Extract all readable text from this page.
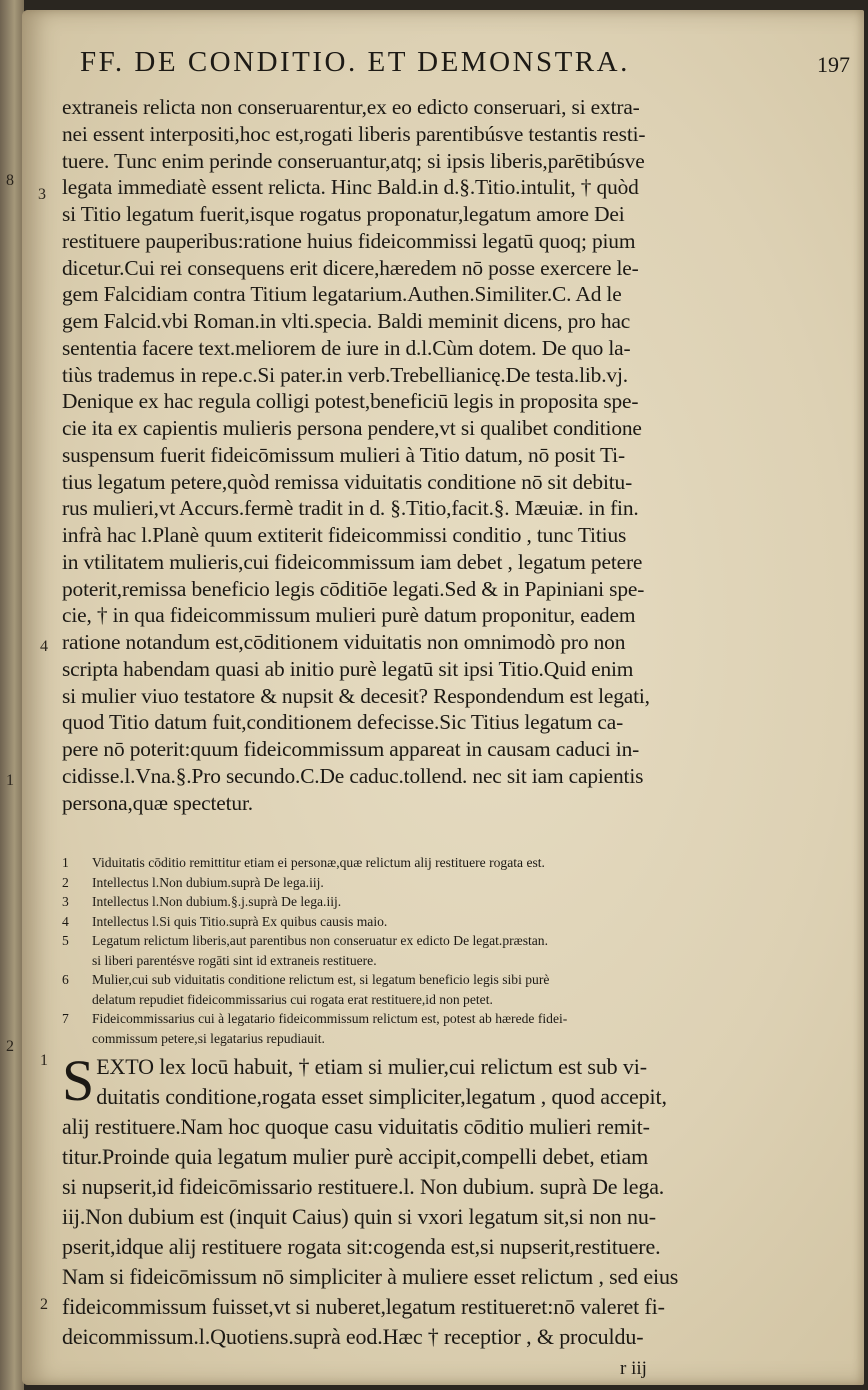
FF. DE CONDITIO. ET DEMONSTRA.	197
8
3
4
1
2
1
2
extraneis relicta non conseruarentur,ex eo edicto conseruari, si extra-
nei essent interpositi,hoc est,rogati liberis parentibúsve testantis resti-
tuere. Tunc enim perinde conseruantur,atq; si ipsis liberis,parētibúsve
legata immediatè essent relicta. Hinc Bald.in d.§.Titio.intulit, † quòd
si Titio legatum fuerit,isque rogatus proponatur,legatum amore Dei
restituere pauperibus:ratione huius fideicommissi legatū quoq; pium
dicetur.Cui rei consequens erit dicere,hæredem nō posse exercere le-
gem Falcidiam contra Titium legatarium.Authen.Similiter.C. Ad le
gem Falcid.vbi Roman.in vlti.specia. Baldi meminit dicens, pro hac
sententia facere text.meliorem de iure in d.l.Cùm dotem. De quo la-
tiùs trademus in repe.c.Si pater.in verb.Trebellianicę.De testa.lib.vj.
Denique ex hac regula colligi potest,beneficiū legis in proposita spe-
cie ita ex capientis mulieris persona pendere,vt si qualibet conditione
suspensum fuerit fideicōmissum mulieri à Titio datum, nō posit Ti-
tius legatum petere,quòd remissa viduitatis conditione nō sit debitu-
rus mulieri,vt Accurs.fermè tradit in d. §.Titio,facit.§. Mæuiæ. in fin.
infrà hac l.Planè quum extiterit fideicommissi conditio , tunc Titius
in vtilitatem mulieris,cui fideicommissum iam debet , legatum petere
poterit,remissa beneficio legis cōditiōe legati.Sed & in Papiniani spe-
cie, † in qua fideicommissum mulieri purè datum proponitur, eadem
ratione notandum est,cōditionem viduitatis non omnimodò pro non
scripta habendam quasi ab initio purè legatū sit ipsi Titio.Quid enim
si mulier viuo testatore & nupsit & decesit? Respondendum est legati,
quod Titio datum fuit,conditionem defecisse.Sic Titius legatum ca-
pere nō poterit:quum fideicommissum appareat in causam caduci in-
cidisse.l.Vna.§.Pro secundo.C.De caduc.tollend. nec sit iam capientis
persona,quæ spectetur.
1 Viduitatis cōditio remittitur etiam ei personæ,quæ relictum alij restituere rogata est.
2 Intellectus l.Non dubium.suprà De lega.iij.
3 Intellectus l.Non dubium.§.j.suprà De lega.iij.
4 Intellectus l.Si quis Titio.suprà Ex quibus causis maio.
5 Legatum relictum liberis,aut parentibus non conseruatur ex edicto De legat.præstan.
si liberi parentésve rogāti sint id extraneis restituere.
6 Mulier,cui sub viduitatis conditione relictum est, si legatum beneficio legis sibi purè
delatum repudiet fideicommissarius cui rogata erat restituere,id non petet.
7 Fideicommissarius cui à legatario fideicommissum relictum est, potest ab hærede fidei-
commissum petere,si legatarius repudiauit.
S EXTO lex locū habuit, † etiam si mulier,cui relictum est sub vi-
duitatis conditione,rogata esset simpliciter,legatum , quod accepit,
alij restituere.Nam hoc quoque casu viduitatis cōditio mulieri remit-
titur.Proinde quia legatum mulier purè accipit,compelli debet, etiam
si nupserit,id fideicōmissario restituere.l. Non dubium. suprà De lega.
iij.Non dubium est (inquit Caius) quin si vxori legatum sit,si non nu-
pserit,idque alij restituere rogata sit:cogenda est,si nupserit,restituere.
Nam si fideicōmissum nō simpliciter à muliere esset relictum , sed eius
fideicommissum fuisset,vt si nuberet,legatum restitueret:nō valeret fi-
deicommissum.l.Quotiens.suprà eod.Hæc † receptior , & proculdu-
r iij
